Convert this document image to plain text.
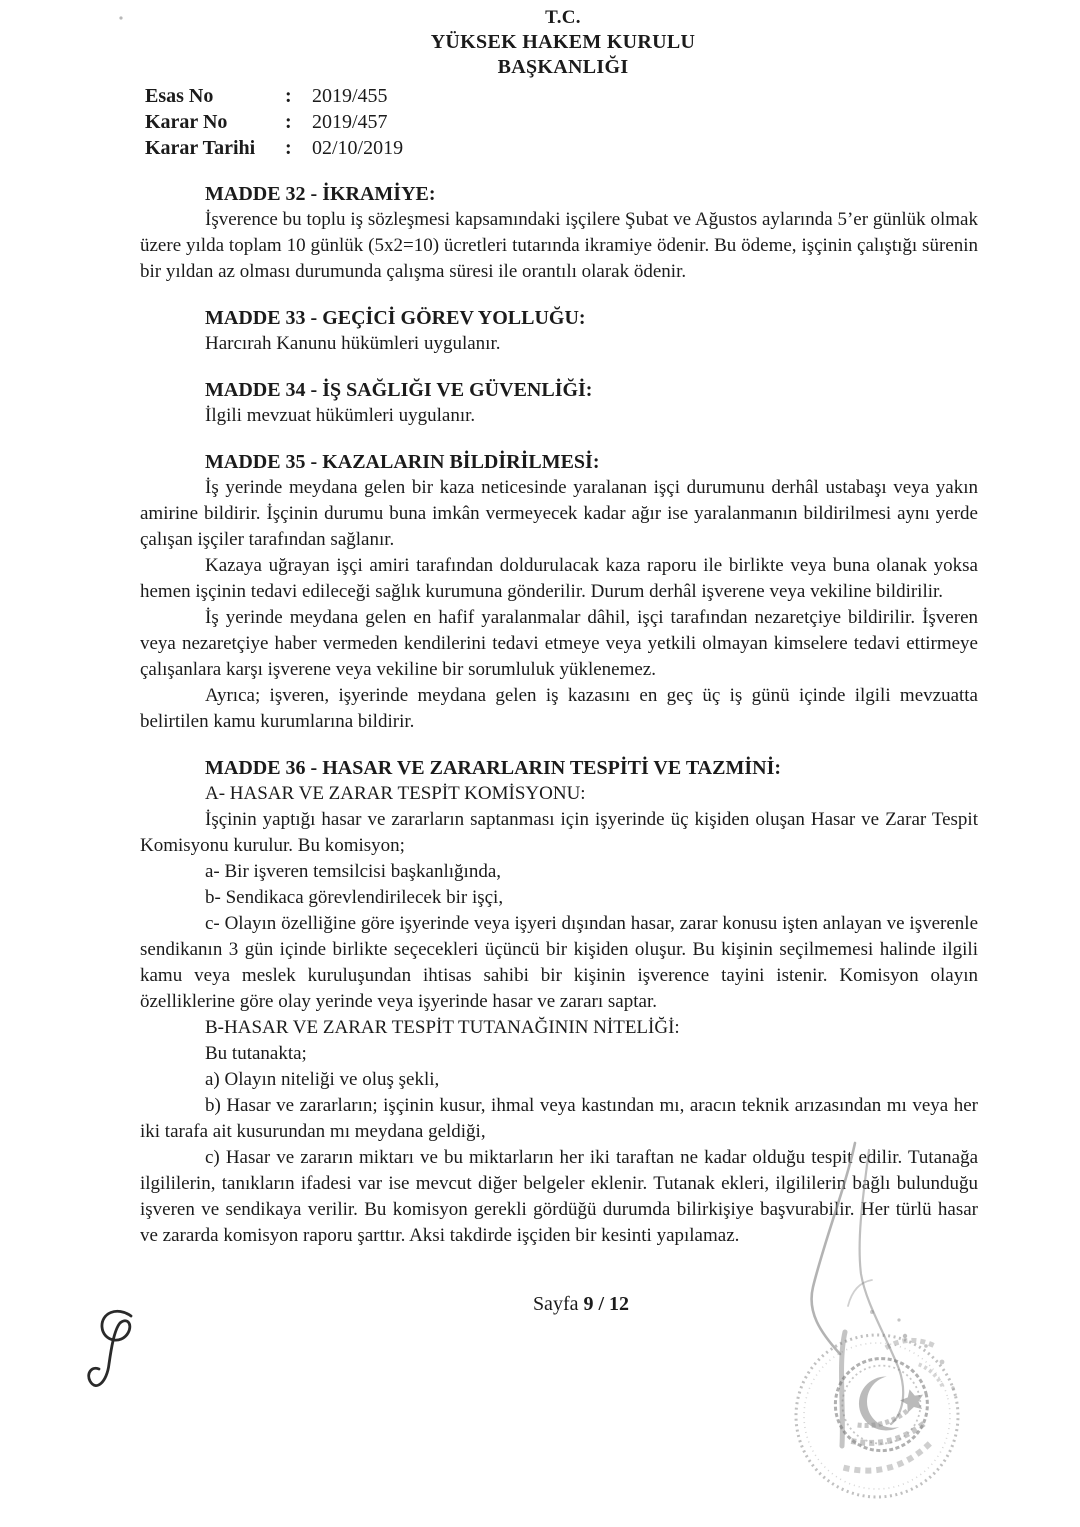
T.C.
YÜKSEK HAKEM KURULU
BAŞKANLIĞI
Esas No	:	2019/455
Karar No	:	2019/457
Karar Tarihi	:	02/10/2019

MADDE 32 - İKRAMİYE:

İşverence bu toplu iş sözleşmesi kapsamındaki işçilere Şubat ve Ağustos aylarında 5’er günlük olmak üzere yılda toplam 10 günlük (5x2=10) ücretleri tutarında ikramiye ödenir. Bu ödeme, işçinin çalıştığı sürenin bir yıldan az olması durumunda çalışma süresi ile orantılı olarak ödenir.

MADDE 33 - GEÇİCİ GÖREV YOLLUĞU:

Harcırah Kanunu hükümleri uygulanır.

MADDE 34 - İŞ SAĞLIĞI VE GÜVENLİĞİ:

İlgili mevzuat hükümleri uygulanır.

MADDE 35 - KAZALARIN BİLDİRİLMESİ:

İş yerinde meydana gelen bir kaza neticesinde yaralanan işçi durumunu derhâl ustabaşı veya yakın amirine bildirir. İşçinin durumu buna imkân vermeyecek kadar ağır ise yaralanmanın bildirilmesi aynı yerde çalışan işçiler tarafından sağlanır.

Kazaya uğrayan işçi amiri tarafından doldurulacak kaza raporu ile birlikte veya buna olanak yoksa hemen işçinin tedavi edileceği sağlık kurumuna gönderilir. Durum derhâl işverene veya vekiline bildirilir.

İş yerinde meydana gelen en hafif yaralanmalar dâhil, işçi tarafından nezaretçiye bildirilir. İşveren veya nezaretçiye haber vermeden kendilerini tedavi etmeye veya yetkili olmayan kimselere tedavi ettirmeye çalışanlara karşı işverene veya vekiline bir sorumluluk yüklenemez.

Ayrıca; işveren, işyerinde meydana gelen iş kazasını en geç üç iş günü içinde ilgili mevzuatta belirtilen kamu kurumlarına bildirir.

MADDE 36 - HASAR VE ZARARLARIN TESPİTİ VE TAZMİNİ:

A- HASAR VE ZARAR TESPİT KOMİSYONU:

İşçinin yaptığı hasar ve zararların saptanması için işyerinde üç kişiden oluşan Hasar ve Zarar Tespit Komisyonu kurulur. Bu komisyon;

a- Bir işveren temsilcisi başkanlığında,

b- Sendikaca görevlendirilecek bir işçi,

c- Olayın özelliğine göre işyerinde veya işyeri dışından hasar, zarar konusu işten anlayan ve işverenle sendikanın 3 gün içinde birlikte seçecekleri üçüncü bir kişiden oluşur. Bu kişinin seçilmemesi halinde ilgili kamu veya meslek kuruluşundan ihtisas sahibi bir kişinin işverence tayini istenir. Komisyon olayın özelliklerine göre olay yerinde veya işyerinde hasar ve zararı saptar.

B-HASAR VE ZARAR TESPİT TUTANAĞININ NİTELİĞİ:

Bu tutanakta;

a) Olayın niteliği ve oluş şekli,

b) Hasar ve zararların; işçinin kusur, ihmal veya kastından mı, aracın teknik arızasından mı veya her iki tarafa ait kusurundan mı meydana geldiği,

c) Hasar ve zararın miktarı ve bu miktarların her iki taraftan ne kadar olduğu tespit edilir. Tutanağa ilgililerin, tanıkların ifadesi var ise mevcut diğer belgeler eklenir. Tutanak ekleri, ilgililerin bağlı bulunduğu işveren ve sendikaya verilir. Bu komisyon gerekli gördüğü durumda bilirkişiye başvurabilir. Her türlü hasar ve zararda komisyon raporu şarttır. Aksi takdirde işçiden bir kesinti yapılamaz.

Sayfa 9 / 12
